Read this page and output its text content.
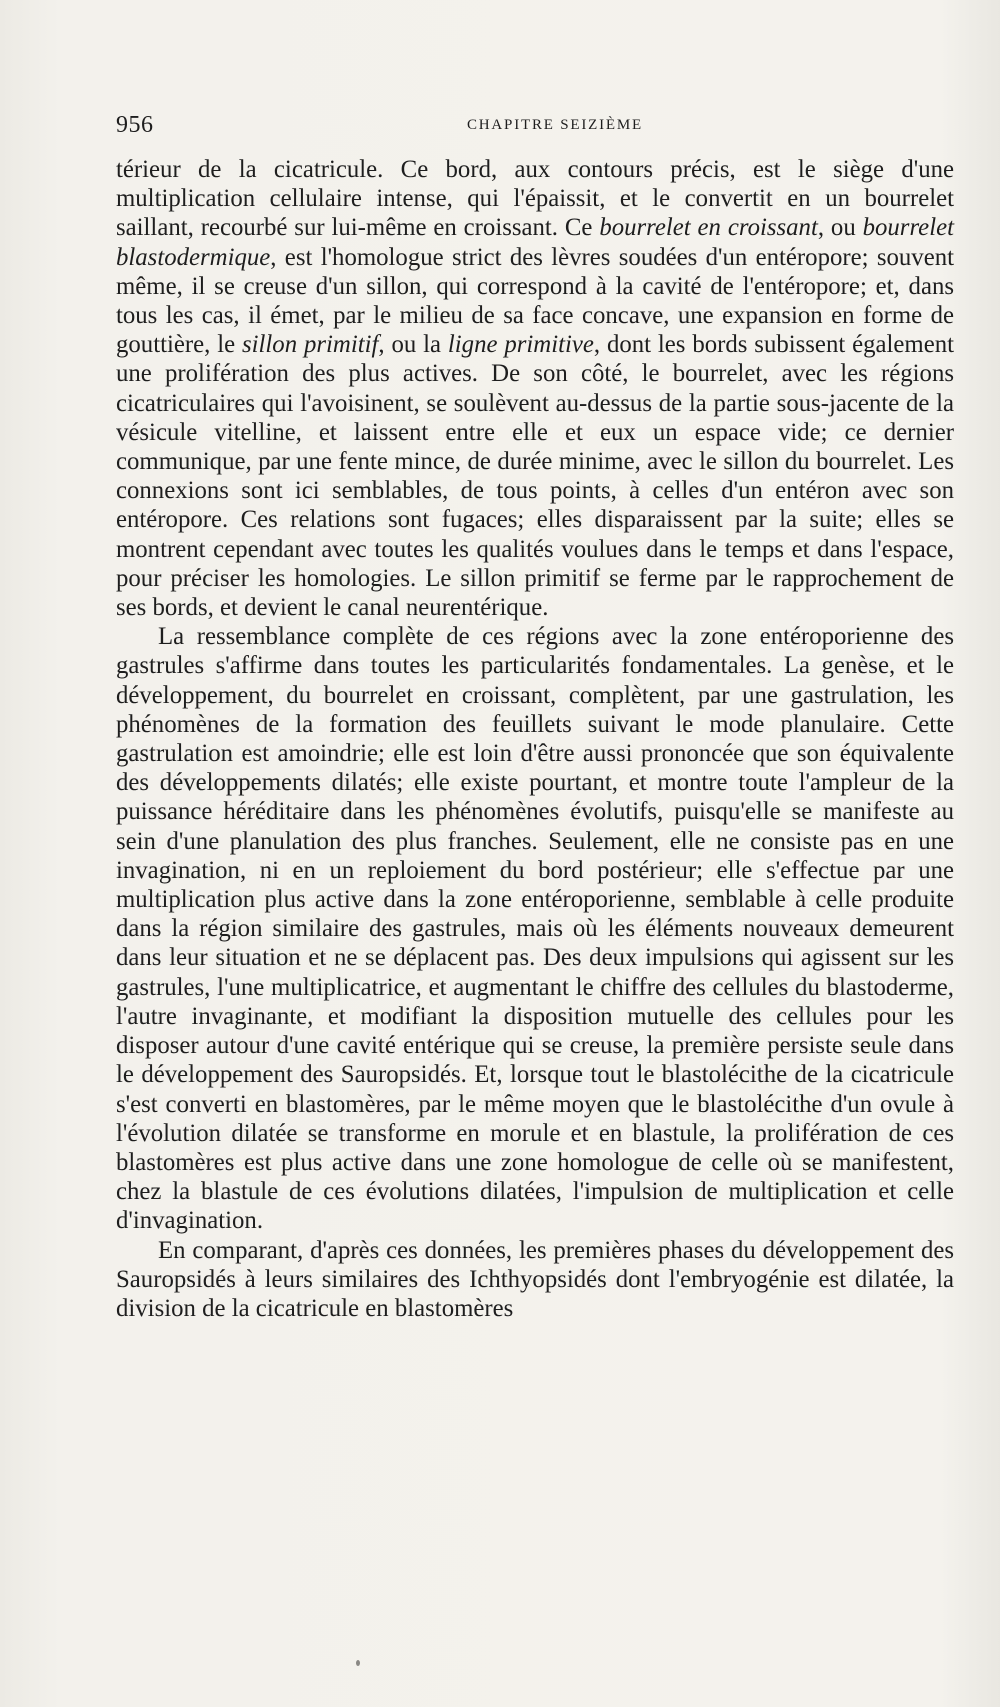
956	CHAPITRE SEIZIÈME

térieur de la cicatricule. Ce bord, aux contours précis, est le siège d'une multiplication cellulaire intense, qui l'épaissit, et le convertit en un bourrelet saillant, recourbé sur lui-même en croissant. Ce bourrelet en croissant, ou bourrelet blastodermique, est l'homologue strict des lèvres soudées d'un entéropore; souvent même, il se creuse d'un sillon, qui correspond à la cavité de l'entéropore; et, dans tous les cas, il émet, par le milieu de sa face concave, une expansion en forme de gouttière, le sillon primitif, ou la ligne primitive, dont les bords subissent également une prolifération des plus actives. De son côté, le bourrelet, avec les régions cicatriculaires qui l'avoisinent, se soulèvent au-dessus de la partie sous-jacente de la vésicule vitelline, et laissent entre elle et eux un espace vide; ce dernier communique, par une fente mince, de durée minime, avec le sillon du bourrelet. Les connexions sont ici semblables, de tous points, à celles d'un entéron avec son entéropore. Ces relations sont fugaces; elles disparaissent par la suite; elles se montrent cependant avec toutes les qualités voulues dans le temps et dans l'espace, pour préciser les homologies. Le sillon primitif se ferme par le rapprochement de ses bords, et devient le canal neurentérique.

La ressemblance complète de ces régions avec la zone entéroporienne des gastrules s'affirme dans toutes les particularités fondamentales. La genèse, et le développement, du bourrelet en croissant, complètent, par une gastrulation, les phénomènes de la formation des feuillets suivant le mode planulaire. Cette gastrulation est amoindrie; elle est loin d'être aussi prononcée que son équivalente des développements dilatés; elle existe pourtant, et montre toute l'ampleur de la puissance héréditaire dans les phénomènes évolutifs, puisqu'elle se manifeste au sein d'une planulation des plus franches. Seulement, elle ne consiste pas en une invagination, ni en un reploiement du bord postérieur; elle s'effectue par une multiplication plus active dans la zone entéroporienne, semblable à celle produite dans la région similaire des gastrules, mais où les éléments nouveaux demeurent dans leur situation et ne se déplacent pas. Des deux impulsions qui agissent sur les gastrules, l'une multiplicatrice, et augmentant le chiffre des cellules du blastoderme, l'autre invaginante, et modifiant la disposition mutuelle des cellules pour les disposer autour d'une cavité entérique qui se creuse, la première persiste seule dans le développement des Sauropsidés. Et, lorsque tout le blastolécithe de la cicatricule s'est converti en blastomères, par le même moyen que le blastolécithe d'un ovule à l'évolution dilatée se transforme en morule et en blastule, la prolifération de ces blastomères est plus active dans une zone homologue de celle où se manifestent, chez la blastule de ces évolutions dilatées, l'impulsion de multiplication et celle d'invagination.

En comparant, d'après ces données, les premières phases du développement des Sauropsidés à leurs similaires des Ichthyopsidés dont l'embryogénie est dilatée, la division de la cicatricule en blastomères
